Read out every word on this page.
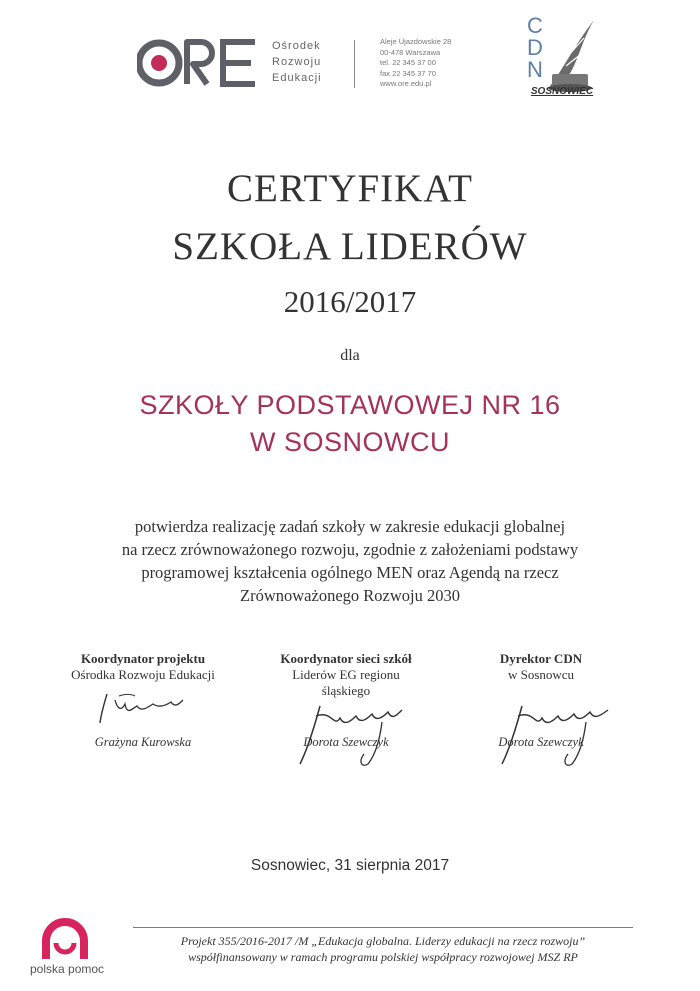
Ośrodek
Rozwoju
Edukacji
Aleje Ujazdowskie 28
00-478 Warszawa
tel. 22 345 37 00
fax 22 345 37 70
www.ore.edu.pl
C
D
N
SOSNOWIEC
CERTYFIKAT
SZKOŁA LIDERÓW
2016/2017
dla
SZKOŁY PODSTAWOWEJ NR 16
W SOSNOWCU
potwierdza realizację zadań szkoły w zakresie edukacji globalnej
na rzecz zrównoważonego rozwoju, zgodnie z założeniami podstawy
programowej kształcenia ogólnego MEN oraz Agendą na rzecz
Zrównoważonego Rozwoju 2030
Koordynator projektu
Ośrodka Rozwoju Edukacji
Koordynator sieci szkół
Liderów EG regionu
śląskiego
Dyrektor CDN
w Sosnowcu
Grażyna Kurowska	Dorota Szewczyk	Dorota Szewczyk
Sosnowiec, 31 sierpnia 2017
Projekt 355/2016-2017 /M „Edukacja globalna. Liderzy edukacji na rzecz rozwoju”
współfinansowany w ramach programu polskiej współpracy rozwojowej MSZ RP
polska pomoc
